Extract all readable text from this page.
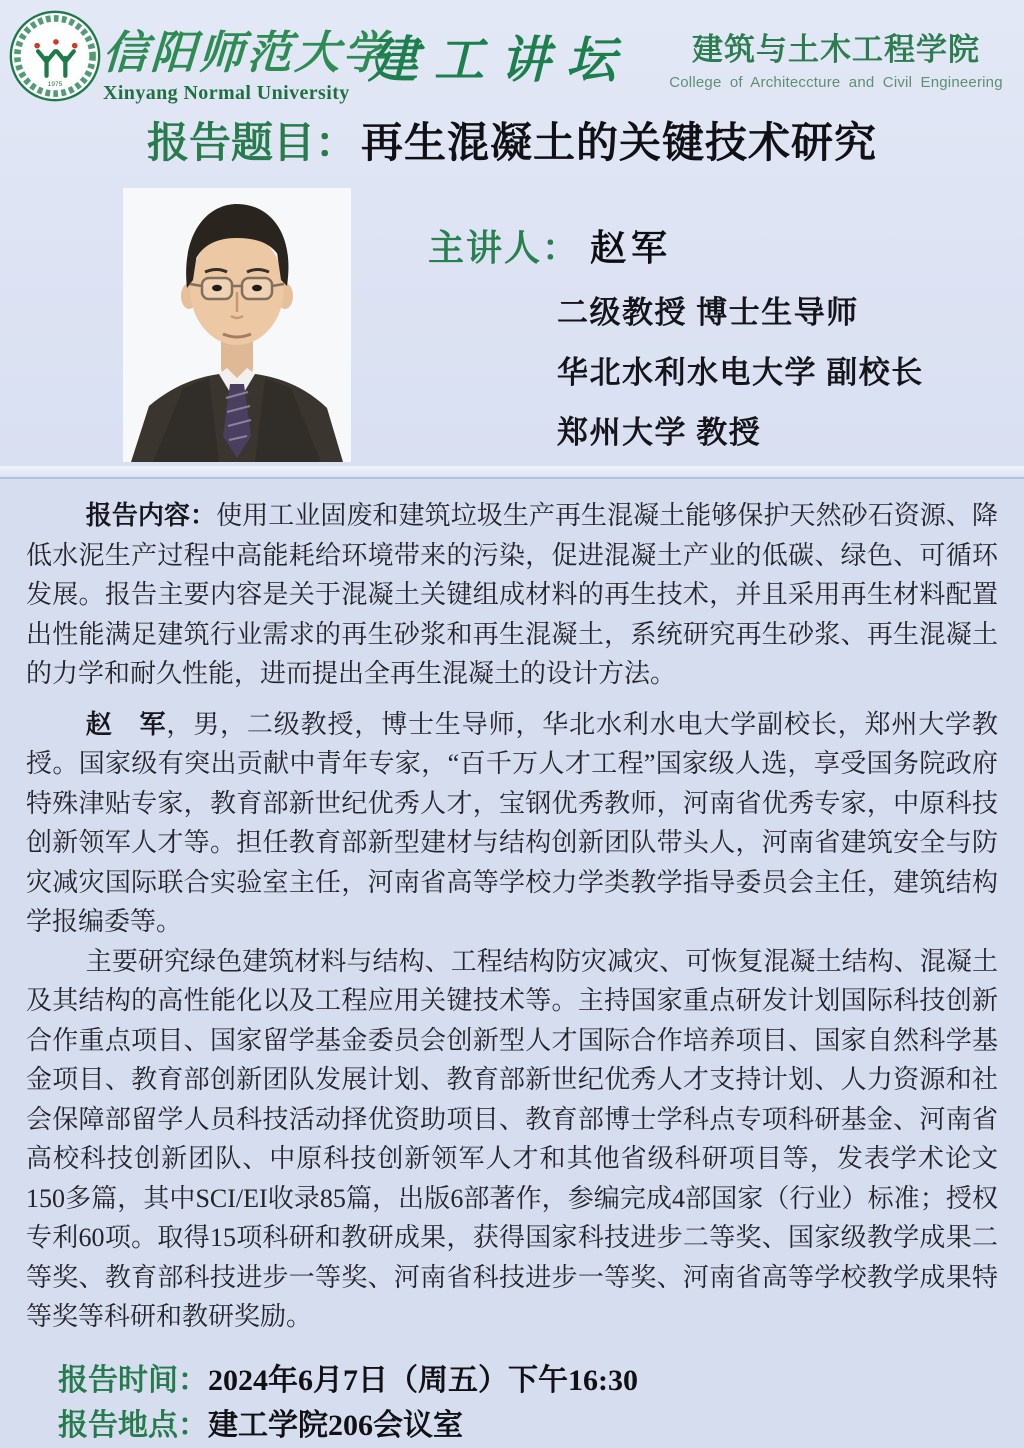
1975
信阳师范大学
Xinyang Normal University
建工讲坛	建筑与土木工程学院
College of Architeccture and Civil Engineering
报告题目：再生混凝土的关键技术研究
主讲人： 赵军
二级教授 博士生导师
华北水利水电大学 副校长
郑州大学 教授

报告内容：使用工业固废和建筑垃圾生产再生混凝土能够保护天然砂石资源、降低水泥生产过程中高能耗给环境带来的污染，促进混凝土产业的低碳、绿色、可循环发展。报告主要内容是关于混凝土关键组成材料的再生技术，并且采用再生材料配置出性能满足建筑行业需求的再生砂浆和再生混凝土，系统研究再生砂浆、再生混凝土的力学和耐久性能，进而提出全再生混凝土的设计方法。

赵　军，男，二级教授，博士生导师，华北水利水电大学副校长，郑州大学教授。国家级有突出贡献中青年专家，“百千万人才工程”国家级人选，享受国务院政府特殊津贴专家，教育部新世纪优秀人才，宝钢优秀教师，河南省优秀专家，中原科技创新领军人才等。担任教育部新型建材与结构创新团队带头人，河南省建筑安全与防灾减灾国际联合实验室主任，河南省高等学校力学类教学指导委员会主任，建筑结构学报编委等。

主要研究绿色建筑材料与结构、工程结构防灾减灾、可恢复混凝土结构、混凝土及其结构的高性能化以及工程应用关键技术等。主持国家重点研发计划国际科技创新合作重点项目、国家留学基金委员会创新型人才国际合作培养项目、国家自然科学基金项目、教育部创新团队发展计划、教育部新世纪优秀人才支持计划、人力资源和社会保障部留学人员科技活动择优资助项目、教育部博士学科点专项科研基金、河南省高校科技创新团队、中原科技创新领军人才和其他省级科研项目等，发表学术论文150多篇，其中SCI/EI收录85篇，出版6部著作，参编完成4部国家（行业）标准；授权专利60项。取得15项科研和教研成果，获得国家科技进步二等奖、国家级教学成果二等奖、教育部科技进步一等奖、河南省科技进步一等奖、河南省高等学校教学成果特等奖等科研和教研奖励。

报告时间：2024年6月7日（周五）下午16:30
报告地点：建工学院206会议室
